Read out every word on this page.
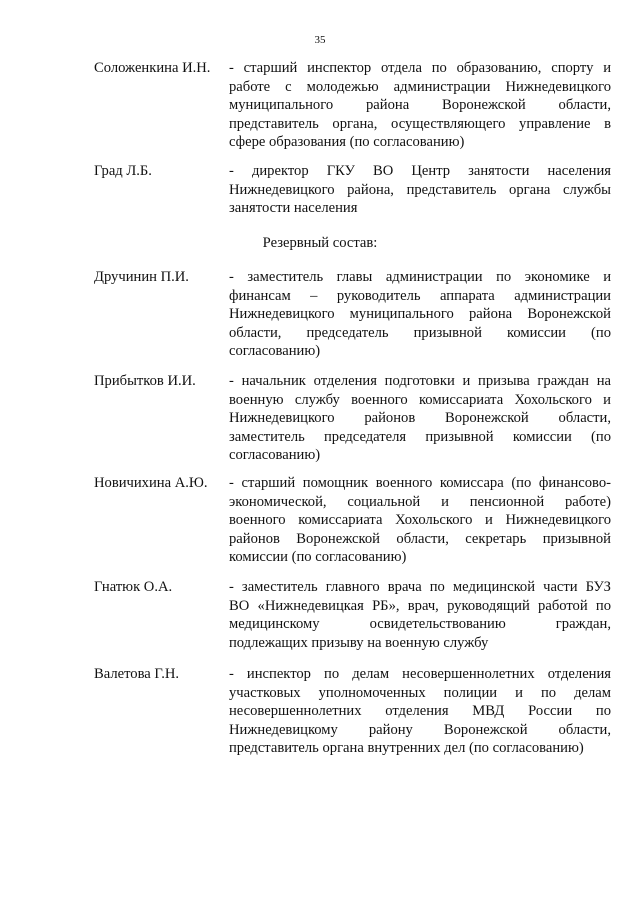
35
Соложенкина И.Н. - старший инспектор отдела по образованию, спорту и
работе с молодежью администрации Нижнедевицкого
муниципального района Воронежской области,
представитель органа, осуществляющего управление в
сфере образования (по согласованию)
Град Л.Б.	- директор ГКУ ВО Центр занятости населения
Нижнедевицкого района, представитель органа службы
занятости населения
Резервный состав:
Дручинин П.И.	- заместитель главы администрации по экономике и
финансам – руководитель аппарата администрации
Нижнедевицкого муниципального района Воронежской
области, председатель призывной комиссии (по
согласованию)
Прибытков И.И. - начальник отделения подготовки и призыва граждан на
военную службу военного комиссариата Хохольского и
Нижнедевицкого районов Воронежской области,
заместитель председателя призывной комиссии (по
согласованию)
Новичихина А.Ю. - старший помощник военного комиссара (по финансово-
экономической, социальной и пенсионной работе)
военного комиссариата Хохольского и Нижнедевицкого
районов Воронежской области, секретарь призывной
комиссии (по согласованию)
Гнатюк О.А.	- заместитель главного врача по медицинской части БУЗ
ВО «Нижнедевицкая РБ», врач, руководящий работой по
медицинскому освидетельствованию граждан,
подлежащих призыву на военную службу
Валетова Г.Н.	- инспектор по делам несовершеннолетних отделения
участковых уполномоченных полиции и по делам
несовершеннолетних отделения МВД России по
Нижнедевицкому району Воронежской области,
представитель органа внутренних дел (по согласованию)
